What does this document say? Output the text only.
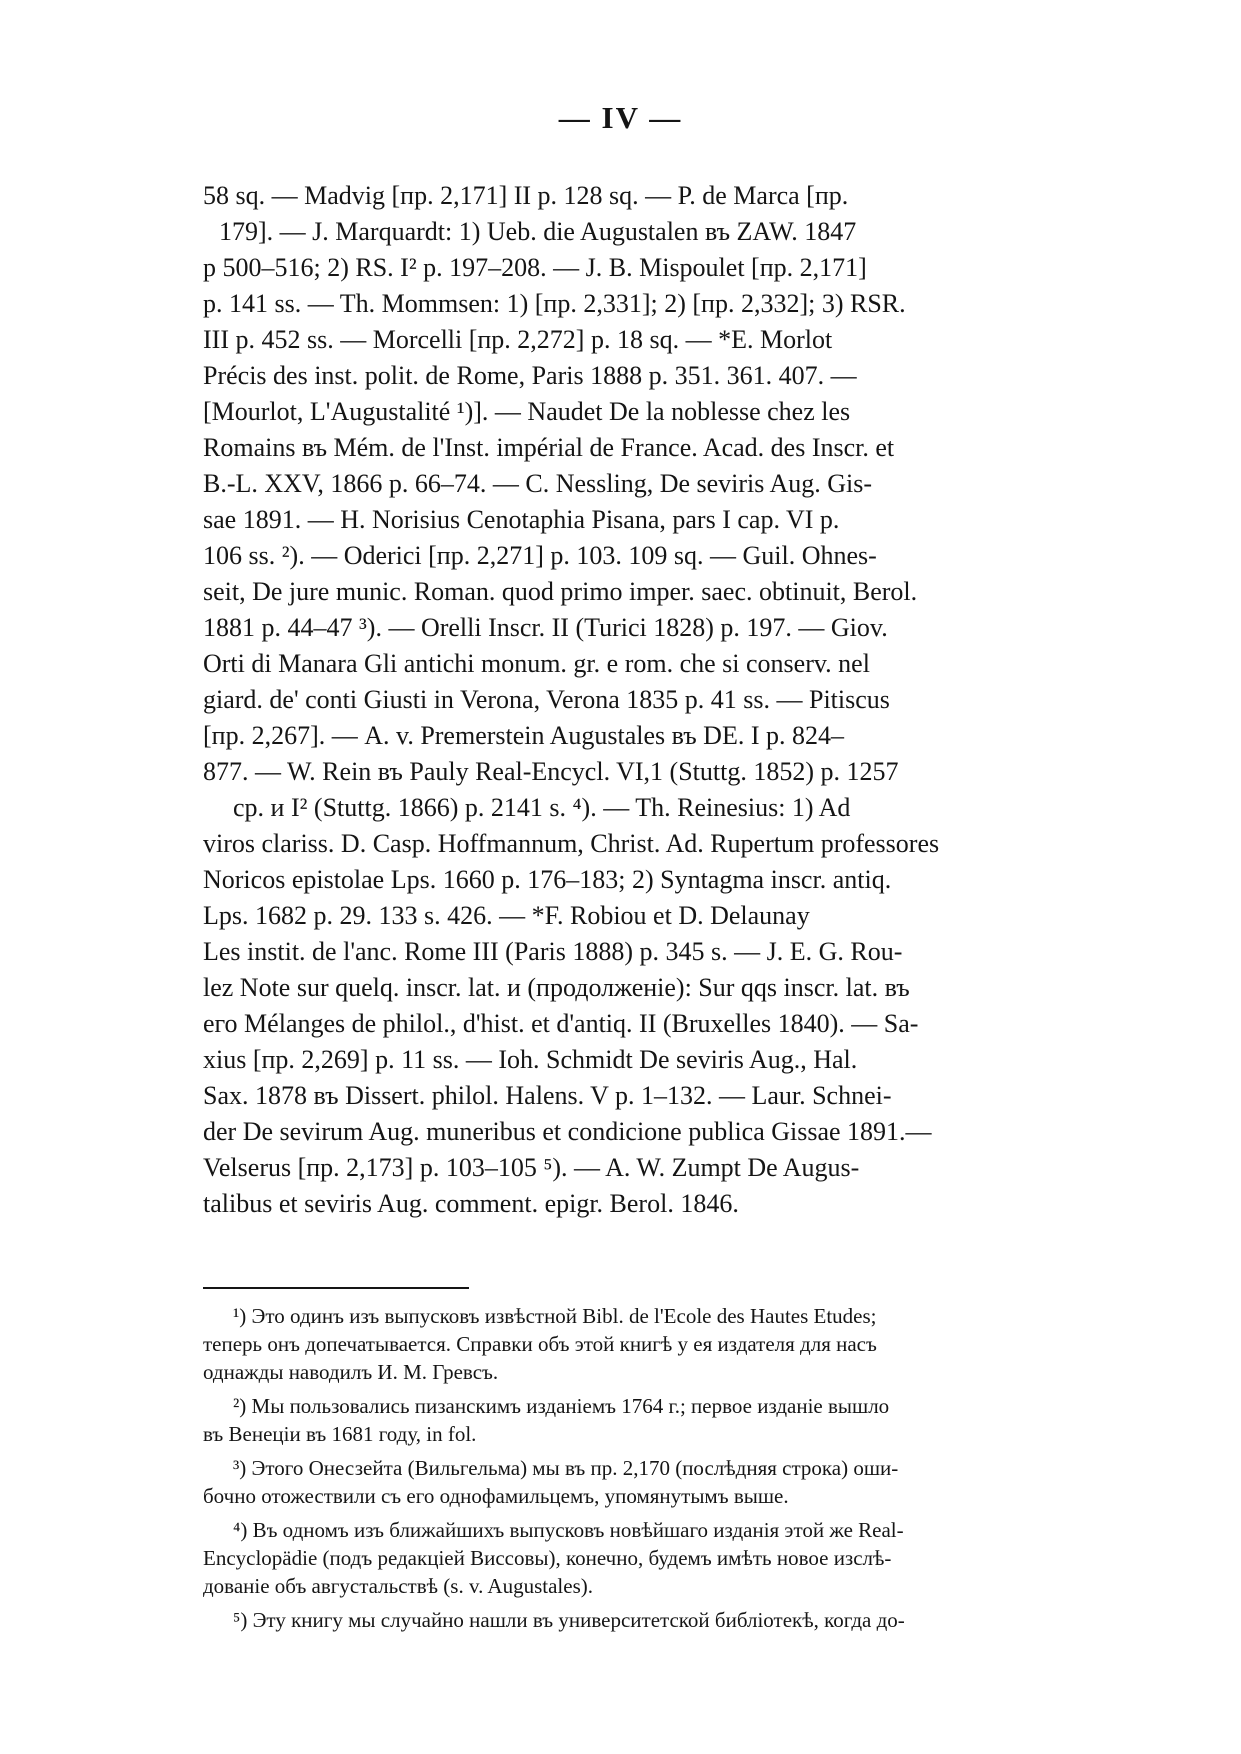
— IV —
58 sq. — Madvig [пр. 2,171] II p. 128 sq. — P. de Marca [пр.
179]. — J. Marquardt: 1) Ueb. die Augustalen въ ZAW. 1847
p 500–516; 2) RS. I² p. 197–208. — J. B. Mispoulet [пр. 2,171]
p. 141 ss. — Th. Mommsen: 1) [пр. 2,331]; 2) [пр. 2,332]; 3) RSR.
III p. 452 ss. — Morcelli [пр. 2,272] p. 18 sq. — *E. Morlot
Précis des inst. polit. de Rome, Paris 1888 p. 351. 361. 407. —
[Mourlot, L'Augustalité ¹)]. — Naudet De la noblesse chez les
Romains въ Mém. de l'Inst. impérial de France. Acad. des Inscr. et
B.-L. XXV, 1866 p. 66–74. — C. Nessling, De seviris Aug. Gis-
sae 1891. — H. Norisius Cenotaphia Pisana, pars I cap. VI p.
106 ss. ²). — Oderici [пр. 2,271] p. 103. 109 sq. — Guil. Ohnes-
seit, De jure munic. Roman. quod primo imper. saec. obtinuit, Berol.
1881 p. 44–47 ³). — Orelli Inscr. II (Turici 1828) p. 197. — Giov.
Orti di Manara Gli antichi monum. gr. e rom. che si conserv. nel
giard. de' conti Giusti in Verona, Verona 1835 p. 41 ss. — Pitiscus
[пр. 2,267]. — A. v. Premerstein Augustales въ DE. I p. 824–
877. — W. Rein въ Pauly Real-Encycl. VI,1 (Stuttg. 1852) p. 1257
ср. и I² (Stuttg. 1866) p. 2141 s. ⁴). — Th. Reinesius: 1) Ad
viros clariss. D. Casp. Hoffmannum, Christ. Ad. Rupertum professores
Noricos epistolae Lps. 1660 p. 176–183; 2) Syntagma inscr. antiq.
Lps. 1682 p. 29. 133 s. 426. — *F. Robiou et D. Delaunay
Les instit. de l'anc. Rome III (Paris 1888) p. 345 s. — J. E. G. Rou-
lez Note sur quelq. inscr. lat. и (продолженіе): Sur qqs inscr. lat. въ
его Mélanges de philol., d'hist. et d'antiq. II (Bruxelles 1840). — Sa-
xius [пр. 2,269] p. 11 ss. — Ioh. Schmidt De seviris Aug., Hal.
Sax. 1878 въ Dissert. philol. Halens. V p. 1–132. — Laur. Schnei-
der De sevirum Aug. muneribus et condicione publica Gissae 1891.—
Velserus [пр. 2,173] p. 103–105 ⁵). — A. W. Zumpt De Augus-
talibus et seviris Aug. comment. epigr. Berol. 1846.
¹) Это одинъ изъ выпусковъ извѣстной Bibl. de l'Ecole des Hautes Etudes;
теперь онъ допечатывается. Справки объ этой книгѣ у ея издателя для насъ
однажды наводилъ И. М. Гревсъ.
²) Мы пользовались пизанскимъ изданіемъ 1764 г.; первое изданіе вышло
въ Венеціи въ 1681 году, in fol.
³) Этого Онесзейта (Вильгельма) мы въ пр. 2,170 (послѣдняя строка) оши-
бочно отожествили съ его однофамильцемъ, упомянутымъ выше.
⁴) Въ одномъ изъ ближайшихъ выпусковъ новѣйшаго изданія этой же Real-
Encyclopädie (подъ редакціей Виссовы), конечно, будемъ имѣть новое изслѣ-
дованіе объ августальствѣ (s. v. Augustales).
⁵) Эту книгу мы случайно нашли въ университетской библіотекѣ, когда до-
